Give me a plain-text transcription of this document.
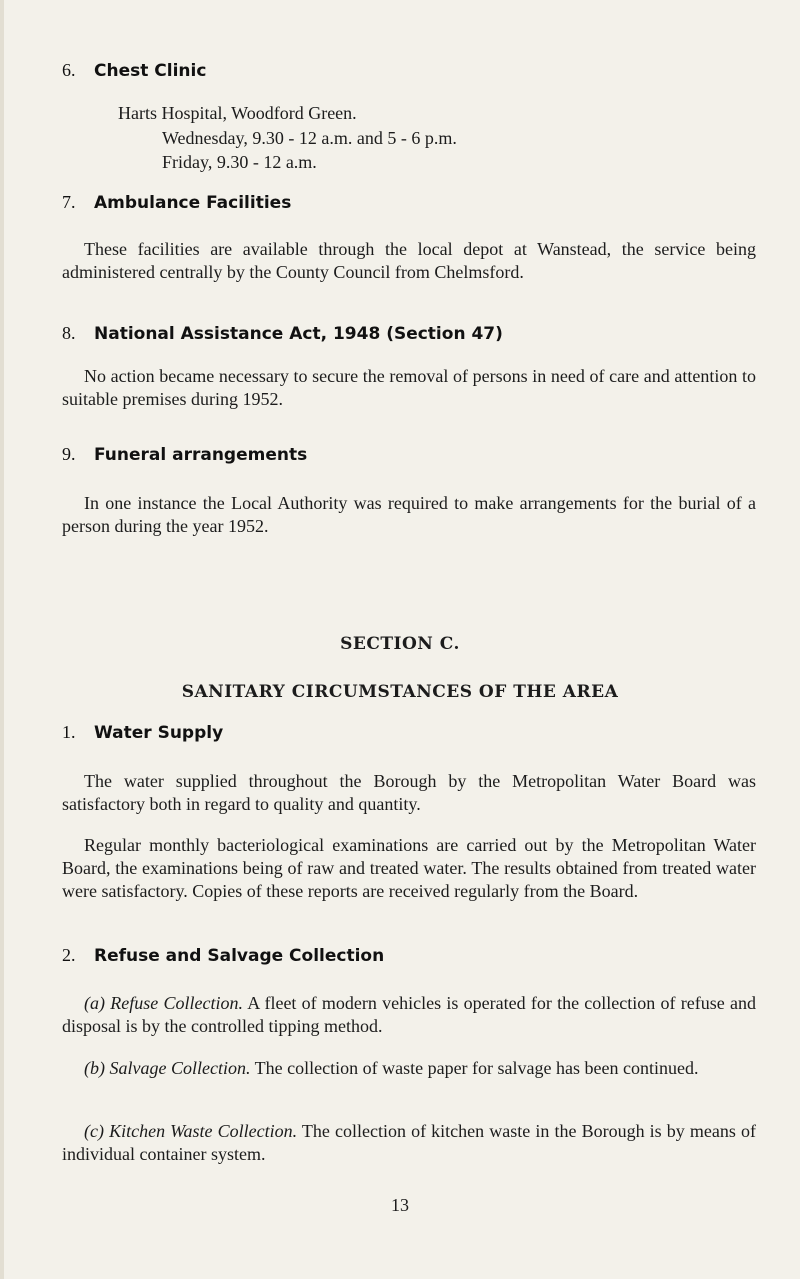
6. Chest Clinic
Harts Hospital, Woodford Green.
Wednesday, 9.30 - 12 a.m. and 5 - 6 p.m.
Friday, 9.30 - 12 a.m.
7. Ambulance Facilities
These facilities are available through the local depot at Wanstead, the service being administered centrally by the County Council from Chelmsford.
8. National Assistance Act, 1948 (Section 47)
No action became necessary to secure the removal of persons in need of care and attention to suitable premises during 1952.
9. Funeral arrangements
In one instance the Local Authority was required to make arrangements for the burial of a person during the year 1952.
SECTION C.
SANITARY CIRCUMSTANCES OF THE AREA
1. Water Supply
The water supplied throughout the Borough by the Metropolitan Water Board was satisfactory both in regard to quality and quantity.
Regular monthly bacteriological examinations are carried out by the Metropolitan Water Board, the examinations being of raw and treated water. The results obtained from treated water were satisfactory. Copies of these reports are received regularly from the Board.
2. Refuse and Salvage Collection
(a) Refuse Collection. A fleet of modern vehicles is operated for the collection of refuse and disposal is by the controlled tipping method.
(b) Salvage Collection. The collection of waste paper for salvage has been continued.
(c) Kitchen Waste Collection. The collection of kitchen waste in the Borough is by means of individual container system.
13
